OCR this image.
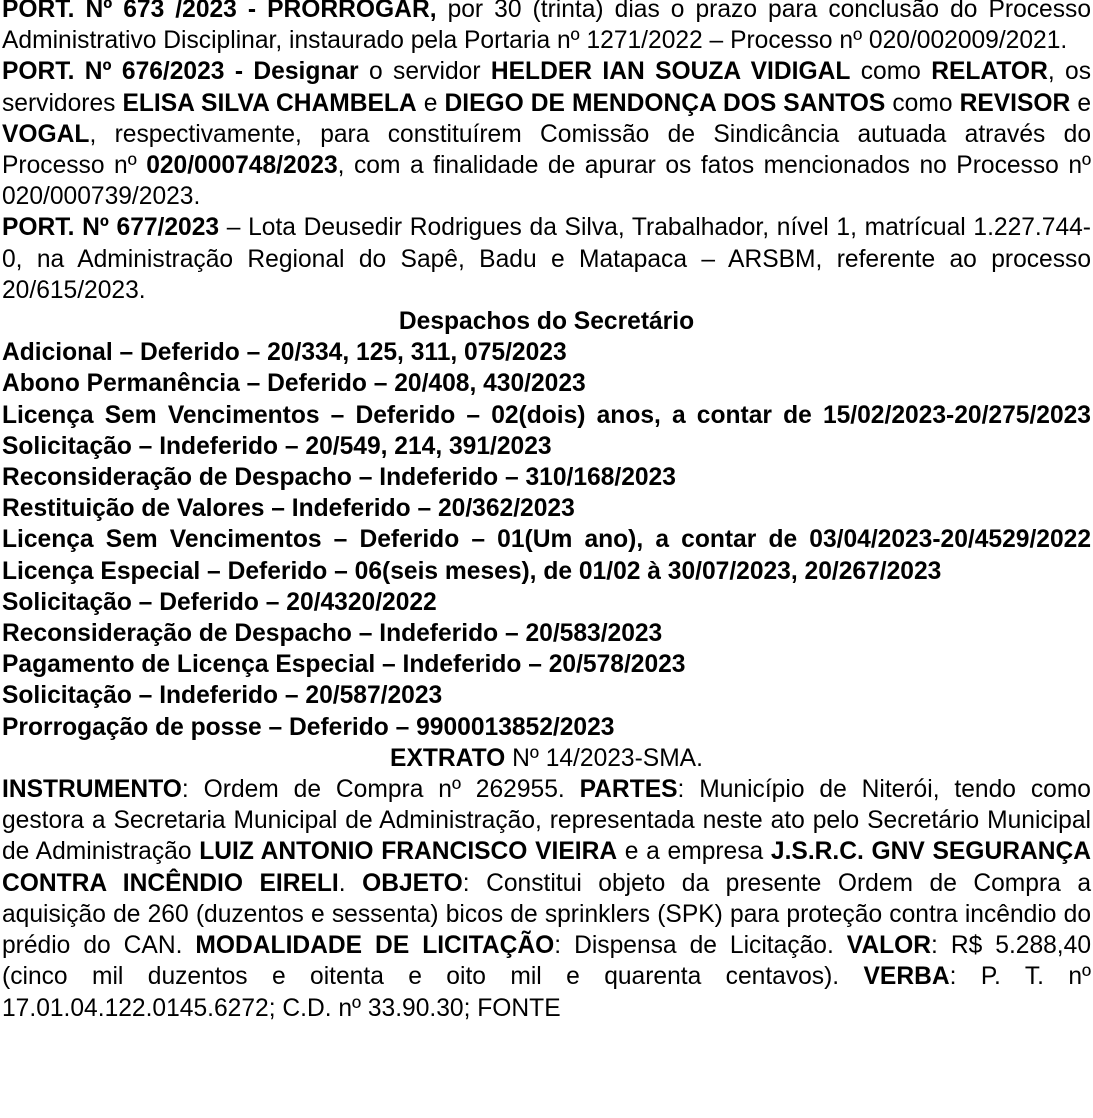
PORT. Nº 673 /2023 - PRORROGAR, por 30 (trinta) dias o prazo para conclusão do Processo Administrativo Disciplinar, instaurado pela Portaria nº 1271/2022 – Processo nº 020/002009/2021.

PORT. Nº 676/2023 - Designar o servidor HELDER IAN SOUZA VIDIGAL como RELATOR, os servidores ELISA SILVA CHAMBELA e DIEGO DE MENDONÇA DOS SANTOS como REVISOR e VOGAL, respectivamente, para constituírem Comissão de Sindicância autuada através do Processo nº 020/000748/2023, com a finalidade de apurar os fatos mencionados no Processo nº 020/000739/2023.

PORT. Nº 677/2023 – Lota Deusedir Rodrigues da Silva, Trabalhador, nível 1, matrícual 1.227.744-0, na Administração Regional do Sapê, Badu e Matapaca – ARSBM, referente ao processo 20/615/2023.

Despachos do Secretário

Adicional – Deferido – 20/334, 125, 311, 075/2023

Abono Permanência – Deferido – 20/408, 430/2023

Licença Sem Vencimentos – Deferido – 02(dois) anos, a contar de 15/02/2023-20/275/2023

Solicitação – Indeferido – 20/549, 214, 391/2023

Reconsideração de Despacho – Indeferido – 310/168/2023

Restituição de Valores – Indeferido – 20/362/2023

Licença Sem Vencimentos – Deferido – 01(Um ano), a contar de 03/04/2023-20/4529/2022

Licença Especial – Deferido – 06(seis meses), de 01/02 à 30/07/2023, 20/267/2023

Solicitação – Deferido – 20/4320/2022

Reconsideração de Despacho – Indeferido – 20/583/2023

Pagamento de Licença Especial – Indeferido – 20/578/2023

Solicitação – Indeferido – 20/587/2023

Prorrogação de posse – Deferido – 9900013852/2023

EXTRATO Nº 14/2023-SMA.

INSTRUMENTO: Ordem de Compra nº 262955. PARTES: Município de Niterói, tendo como gestora a Secretaria Municipal de Administração, representada neste ato pelo Secretário Municipal de Administração LUIZ ANTONIO FRANCISCO VIEIRA e a empresa J.S.R.C. GNV SEGURANÇA CONTRA INCÊNDIO EIRELI. OBJETO: Constitui objeto da presente Ordem de Compra a aquisição de 260 (duzentos e sessenta) bicos de sprinklers (SPK) para proteção contra incêndio do prédio do CAN. MODALIDADE DE LICITAÇÃO: Dispensa de Licitação. VALOR: R$ 5.288,40 (cinco mil duzentos e oitenta e oito mil e quarenta centavos). VERBA: P. T. nº 17.01.04.122.0145.6272; C.D. nº 33.90.30; FONTE
